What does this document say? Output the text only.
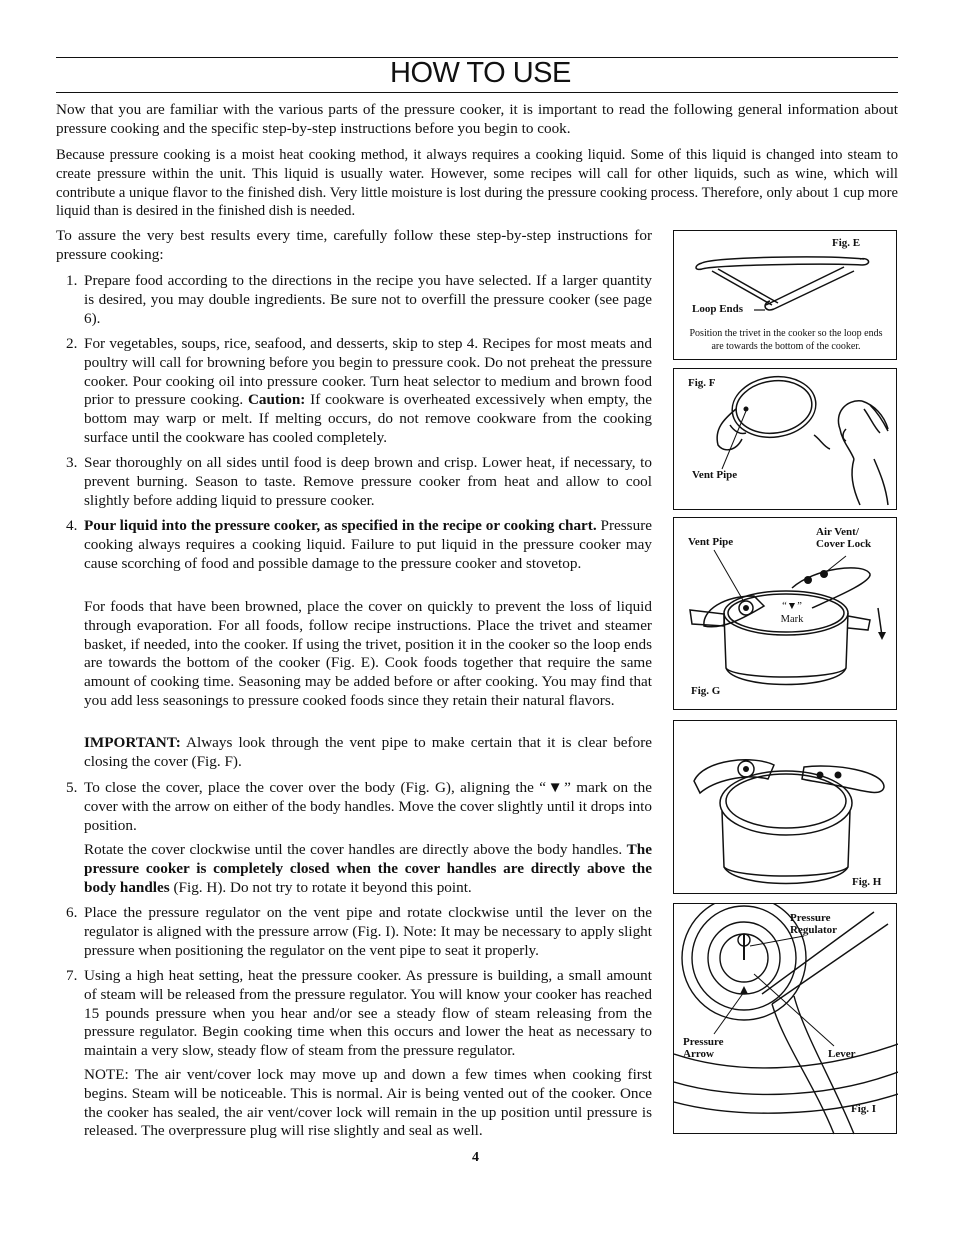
HOW TO USE

Now that you are familiar with the various parts of the pressure cooker, it is important to read the following general information about pressure cooking and the specific step-by-step instructions before you begin to cook.

Because pressure cooking is a moist heat cooking method, it always requires a cooking liquid. Some of this liquid is changed into steam to create pressure within the unit. This liquid is usually water. However, some recipes will call for other liquids, such as wine, which will contribute a unique flavor to the finished dish. Very little moisture is lost during the pressure cooking process. Therefore, only about 1 cup more liquid than is desired in the finished dish is needed.

To assure the very best results every time, carefully follow these step-by-step instructions for pressure cooking:

1. Prepare food according to the directions in the recipe you have selected. If a larger quantity is desired, you may double ingredients. Be sure not to overfill the pressure cooker (see page 6).
2. For vegetables, soups, rice, seafood, and desserts, skip to step 4. Recipes for most meats and poultry will call for browning before you begin to pressure cook. Do not preheat the pressure cooker. Pour cooking oil into pressure cooker. Turn heat selector to medium and brown food prior to pressure cooking. Caution: If cookware is overheated excessively when empty, the bottom may warp or melt. If melting occurs, do not remove cookware from the cooking surface until the cookware has cooled completely.
3. Sear thoroughly on all sides until food is deep brown and crisp. Lower heat, if necessary, to prevent burning. Season to taste. Remove pressure cooker from heat and allow to cool slightly before adding liquid to pressure cooker.
4. Pour liquid into the pressure cooker, as specified in the recipe or cooking chart. Pressure cooking always requires a cooking liquid. Failure to put liquid in the pressure cooker may cause scorching of food and possible damage to the pressure cooker and stovetop.

For foods that have been browned, place the cover on quickly to prevent the loss of liquid through evaporation. For all foods, follow recipe instructions. Place the trivet and steamer basket, if needed, into the cooker. If using the trivet, position it in the cooker so the loop ends are towards the bottom of the cooker (Fig. E). Cook foods together that require the same amount of cooking time. Seasoning may be added before or after cooking. You may find that you add less seasonings to pressure cooked foods since they retain their natural flavors.

IMPORTANT: Always look through the vent pipe to make certain that it is clear before closing the cover (Fig. F).

5. To close the cover, place the cover over the body (Fig. G), aligning the “▼” mark on the cover with the arrow on either of the body handles. Move the cover slightly until it drops into position.

Rotate the cover clockwise until the cover handles are directly above the body handles. The pressure cooker is completely closed when the cover handles are directly above the body handles (Fig. H). Do not try to rotate it beyond this point.

6. Place the pressure regulator on the vent pipe and rotate clockwise until the lever on the regulator is aligned with the pressure arrow (Fig. I). Note: It may be necessary to apply slight pressure when positioning the regulator on the vent pipe to seat it properly.
7. Using a high heat setting, heat the pressure cooker. As pressure is building, a small amount of steam will be released from the pressure regulator. You will know your cooker has reached 15 pounds pressure when you hear and/or see a steady flow of steam releasing from the pressure regulator. Begin cooking time when this occurs and lower the heat as necessary to maintain a very slow, steady flow of steam from the pressure regulator.

NOTE: The air vent/cover lock may move up and down a few times when cooking first begins. Steam will be noticeable. This is normal. Air is being vented out of the cooker. Once the cooker has sealed, the air vent/cover lock will remain in the up position until pressure is released. The overpressure plug will rise slightly and seal as well.

Fig. E
Loop Ends
Position the trivet in the cooker so the loop ends are towards the bottom of the cooker.
Fig. F
Vent Pipe
Vent Pipe
Air Vent/ Cover Lock
“▼” Mark
Fig. G
Fig. H
Pressure Regulator
Pressure Arrow	Lever
Fig. I
4
